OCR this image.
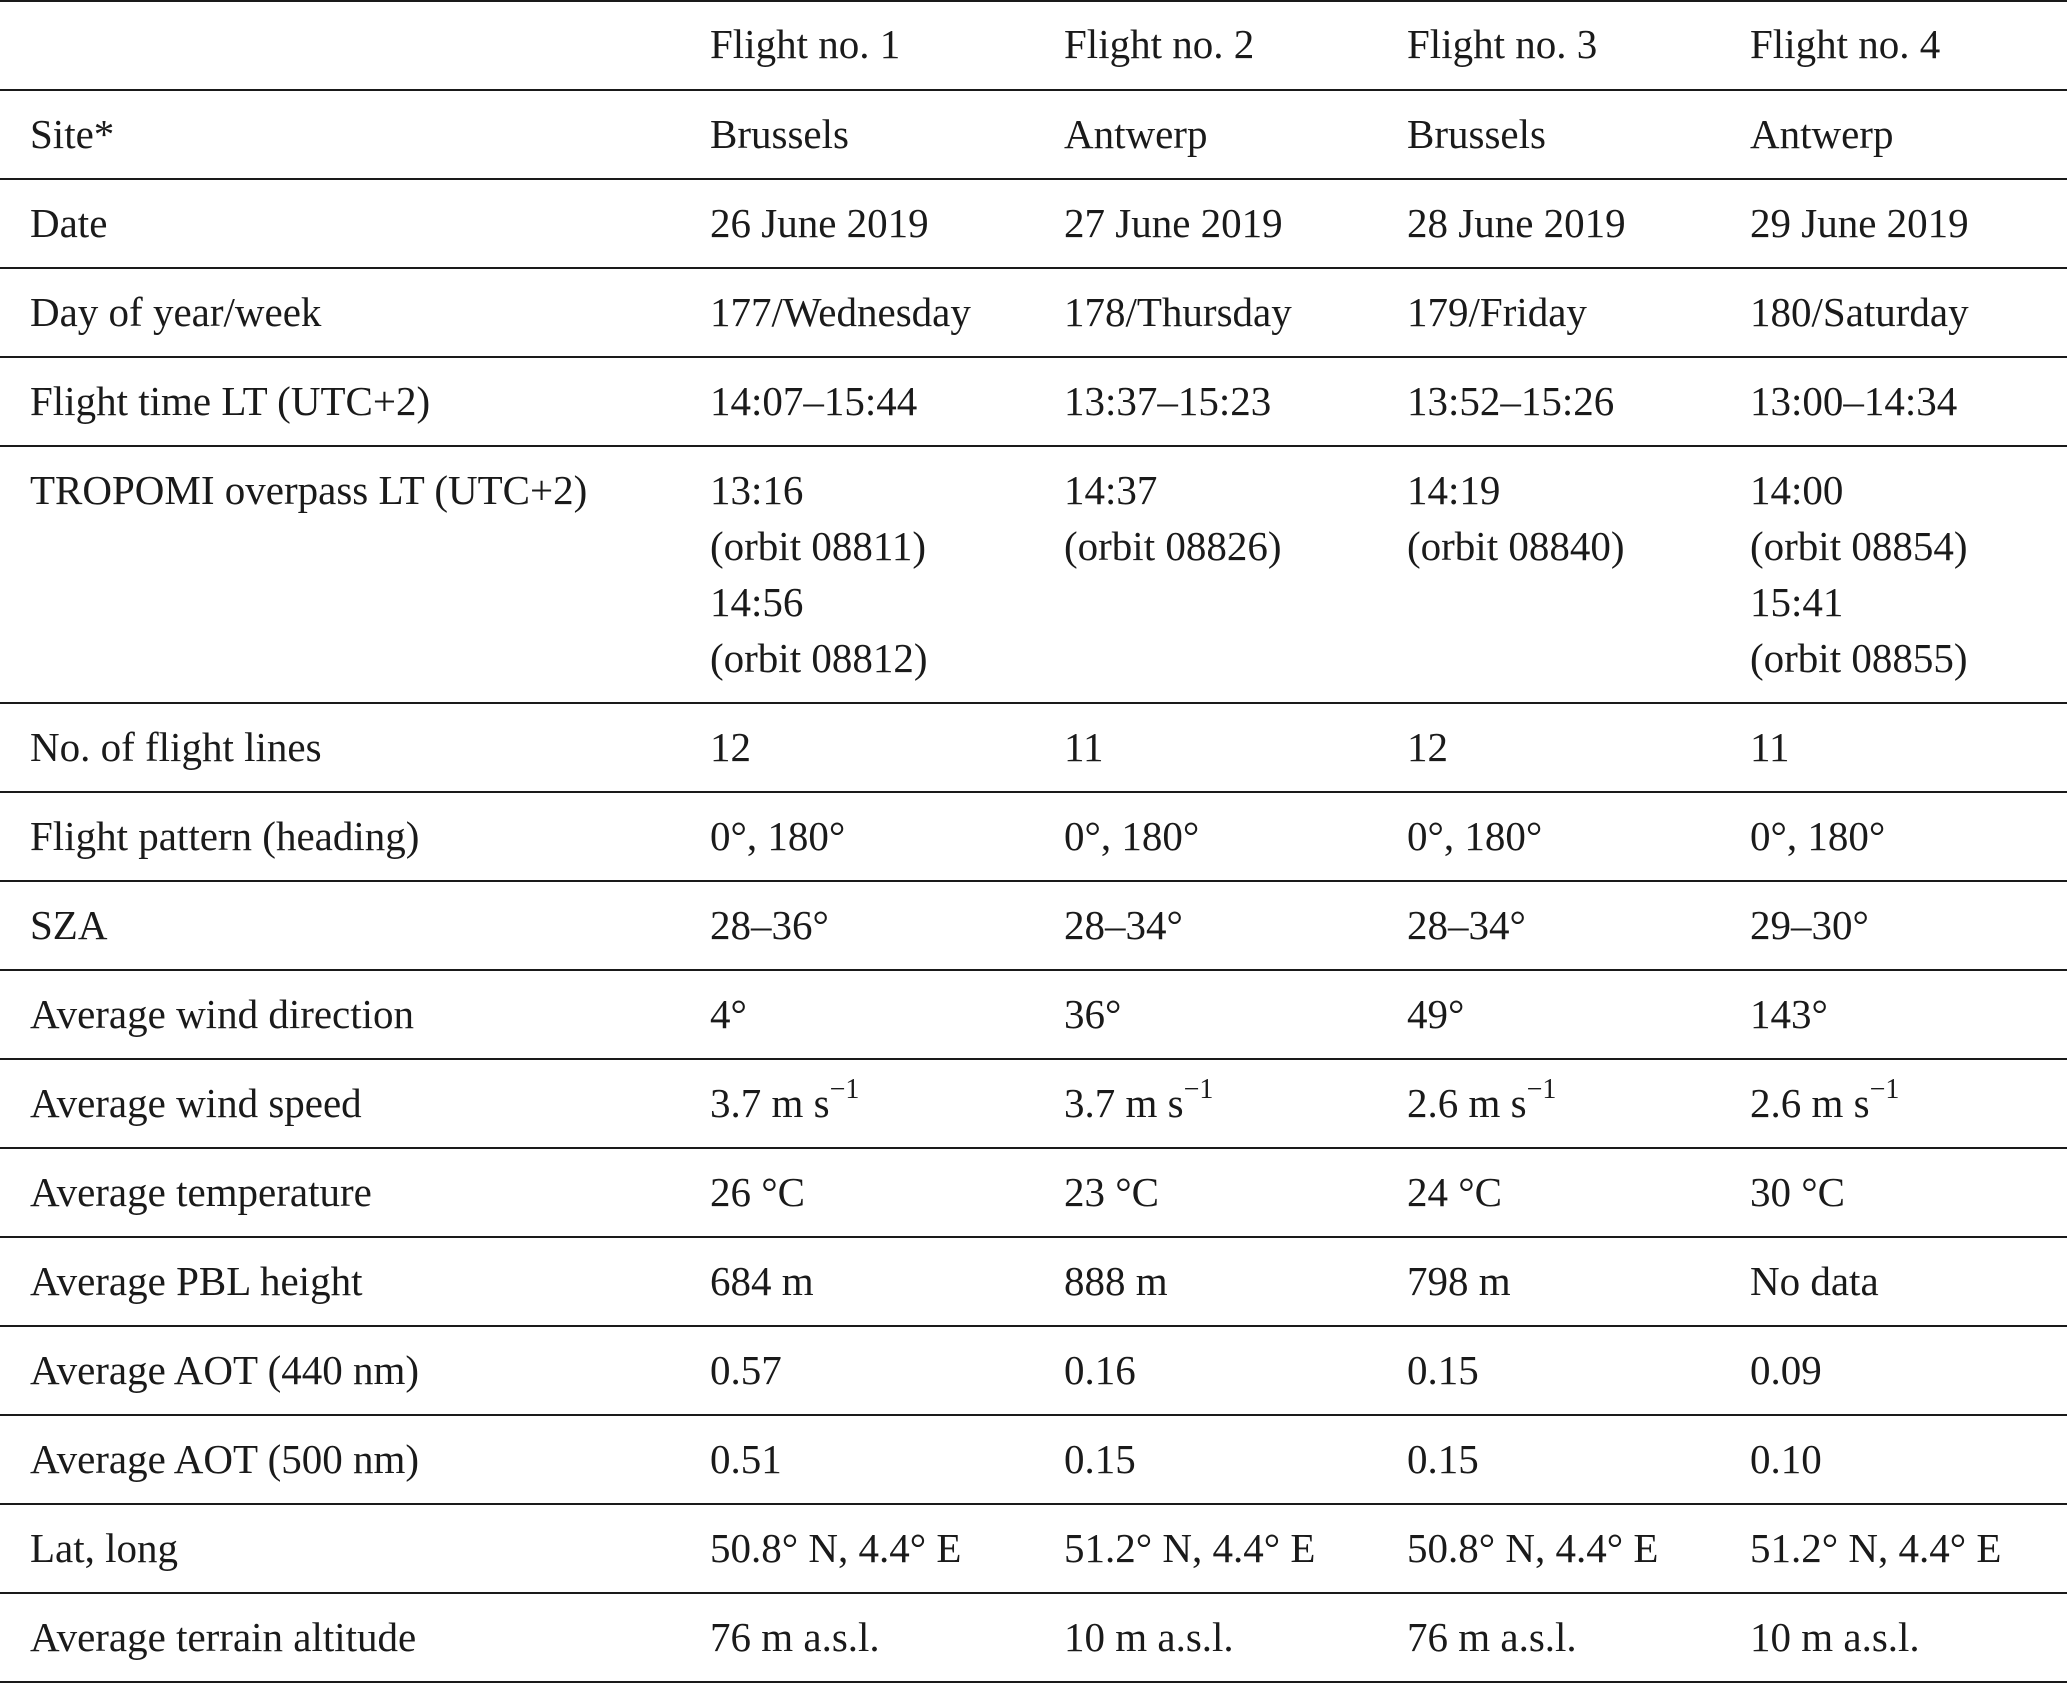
	Flight no. 1	Flight no. 2	Flight no. 3	Flight no. 4
Site*	Brussels	Antwerp	Brussels	Antwerp

Date	26 June 2019	27 June 2019	28 June 2019	29 June 2019

Day of year/week	177/Wednesday	178/Thursday	179/Friday	180/Saturday

Flight time LT (UTC+2)	14:07–15:44	13:37–15:23	13:52–15:26	13:00–14:34

TROPOMI overpass LT (UTC+2)	13:16
(orbit 08811)
14:56
(orbit 08812)	14:37
(orbit 08826)	14:19
(orbit 08840)	14:00
(orbit 08854)
15:41
(orbit 08855)

No. of flight lines	12	11	12	11

Flight pattern (heading)	0°, 180°	0°, 180°	0°, 180°	0°, 180°

SZA	28–36°	28–34°	28–34°	29–30°

Average wind direction	4°	36°	49°	143°

Average wind speed	3.7 m $s^{-1}$	3.7 m $s^{-1}$	2.6 m $s^{-1}$	2.6 m $s^{-1}$

Average temperature	26 °C	23 °C	24 °C	30 °C

Average PBL height	684 m	888 m	798 m	No data

Average AOT (440 nm)	0.57	0.16	0.15	0.09

Average AOT (500 nm)	0.51	0.15	0.15	0.10

Lat, long	50.8° N, 4.4° E	51.2° N, 4.4° E	50.8° N, 4.4° E	51.2° N, 4.4° E

Average terrain altitude	76 m a.s.l.	10 m a.s.l.	76 m a.s.l.	10 m a.s.l.
